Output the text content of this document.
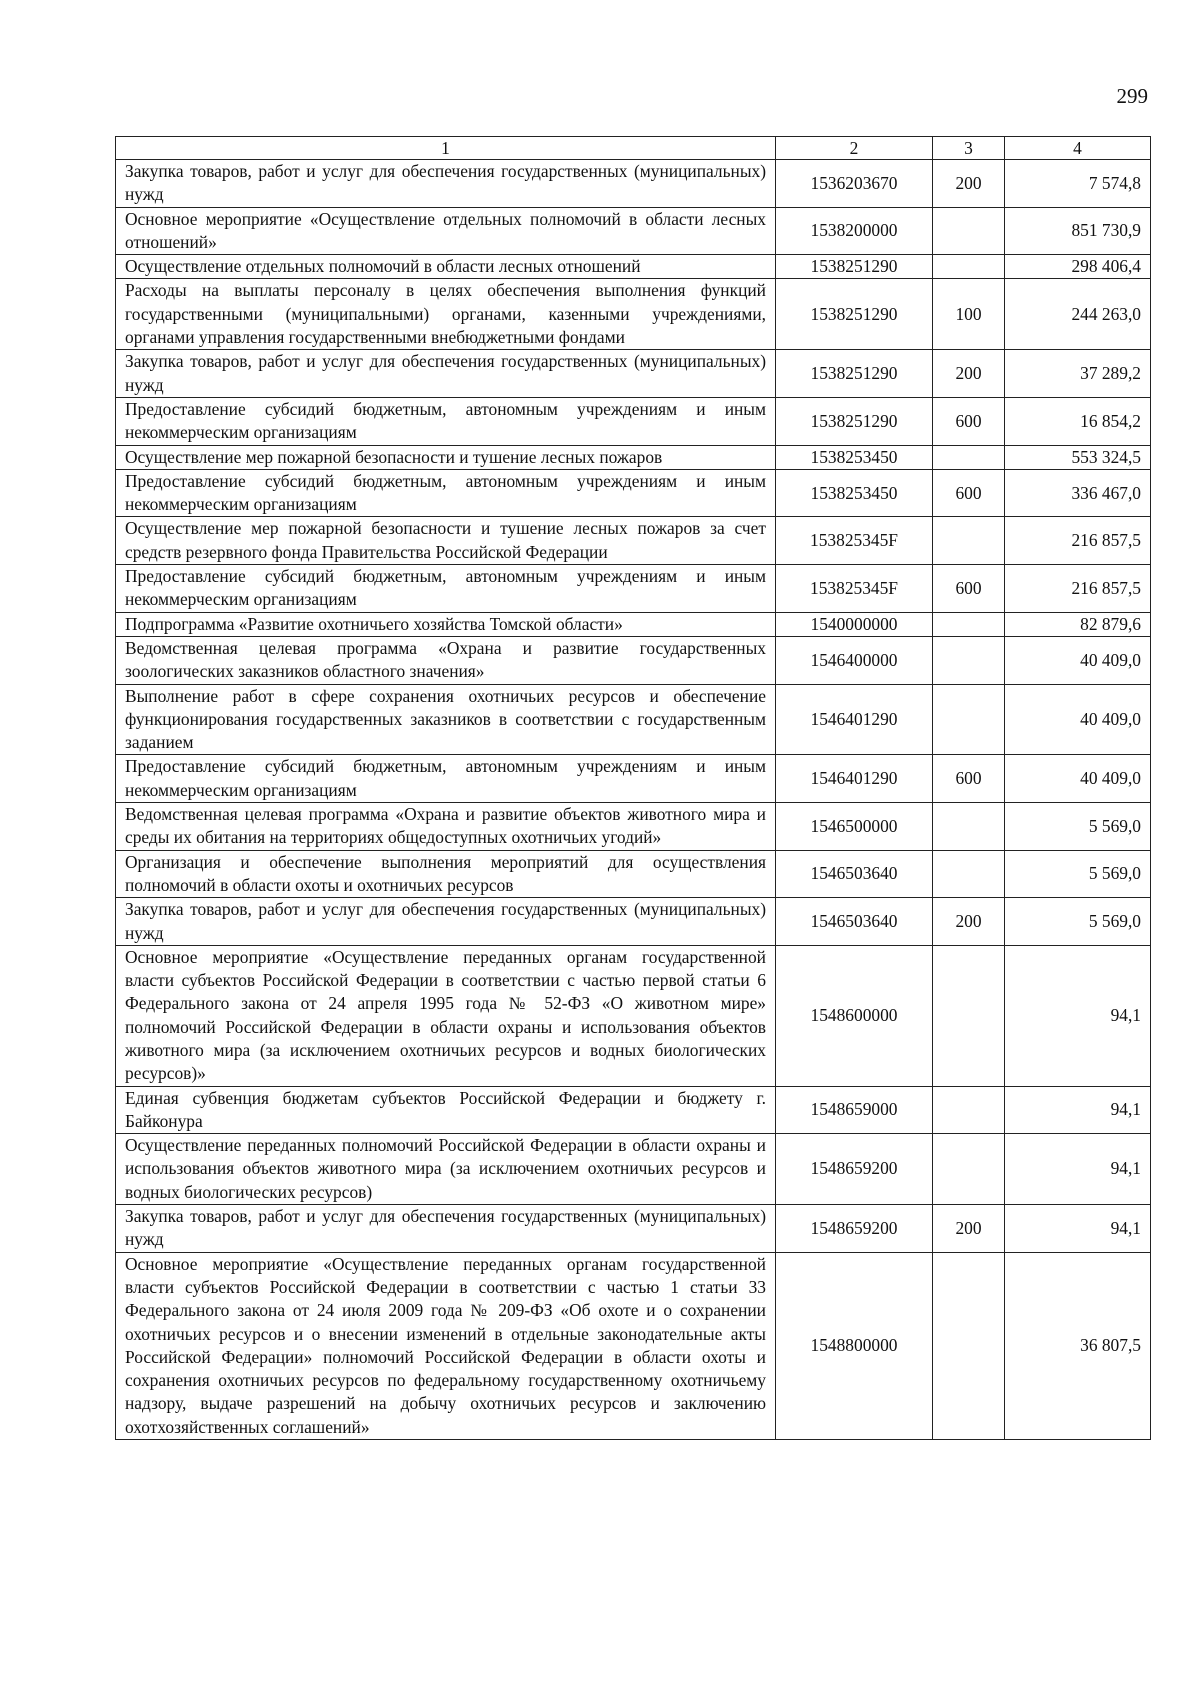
299
1	2	3	4
Закупка товаров, работ и услуг для обеспечения государственных (муниципальных) нужд	1536203670	200	7 574,8
Основное мероприятие «Осуществление отдельных полномочий в области лесных отношений»	1538200000		851 730,9
Осуществление отдельных полномочий в области лесных отношений	1538251290		298 406,4
Расходы на выплаты персоналу в целях обеспечения выполнения функций государственными (муниципальными) органами, казенными учреждениями, органами управления государственными внебюджетными фондами	1538251290	100	244 263,0
Закупка товаров, работ и услуг для обеспечения государственных (муниципальных) нужд	1538251290	200	37 289,2
Предоставление субсидий бюджетным, автономным учреждениям и иным некоммерческим организациям	1538251290	600	16 854,2
Осуществление мер пожарной безопасности и тушение лесных пожаров	1538253450		553 324,5
Предоставление субсидий бюджетным, автономным учреждениям и иным некоммерческим организациям	1538253450	600	336 467,0
Осуществление мер пожарной безопасности и тушение лесных пожаров за счет средств резервного фонда Правительства Российской Федерации	153825345F		216 857,5
Предоставление субсидий бюджетным, автономным учреждениям и иным некоммерческим организациям	153825345F	600	216 857,5
Подпрограмма «Развитие охотничьего хозяйства Томской области»	1540000000		82 879,6
Ведомственная целевая программа «Охрана и развитие государственных зоологических заказников областного значения»	1546400000		40 409,0
Выполнение работ в сфере сохранения охотничьих ресурсов и обеспечение функционирования государственных заказников в соответствии с государственным заданием	1546401290		40 409,0
Предоставление субсидий бюджетным, автономным учреждениям и иным некоммерческим организациям	1546401290	600	40 409,0
Ведомственная целевая программа «Охрана и развитие объектов животного мира и среды их обитания на территориях общедоступных охотничьих угодий»	1546500000		5 569,0
Организация и обеспечение выполнения мероприятий для осуществления полномочий в области охоты и охотничьих ресурсов	1546503640		5 569,0
Закупка товаров, работ и услуг для обеспечения государственных (муниципальных) нужд	1546503640	200	5 569,0
Основное мероприятие «Осуществление переданных органам государственной власти субъектов Российской Федерации в соответствии с частью первой статьи 6 Федерального закона от 24 апреля 1995 года № 52-ФЗ «О животном мире» полномочий Российской Федерации в области охраны и использования объектов животного мира (за исключением охотничьих ресурсов и водных биологических ресурсов)»	1548600000		94,1
Единая субвенция бюджетам субъектов Российской Федерации и бюджету г. Байконура	1548659000		94,1
Осуществление переданных полномочий Российской Федерации в области охраны и использования объектов животного мира (за исключением охотничьих ресурсов и водных биологических ресурсов)	1548659200		94,1
Закупка товаров, работ и услуг для обеспечения государственных (муниципальных) нужд	1548659200	200	94,1
Основное мероприятие «Осуществление переданных органам государственной власти субъектов Российской Федерации в соответствии с частью 1 статьи 33 Федерального закона от 24 июля 2009 года № 209-ФЗ «Об охоте и о сохранении охотничьих ресурсов и о внесении изменений в отдельные законодательные акты Российской Федерации» полномочий Российской Федерации в области охоты и сохранения охотничьих ресурсов по федеральному государственному охотничьему надзору, выдаче разрешений на добычу охотничьих ресурсов и заключению охотхозяйственных соглашений»	1548800000		36 807,5
